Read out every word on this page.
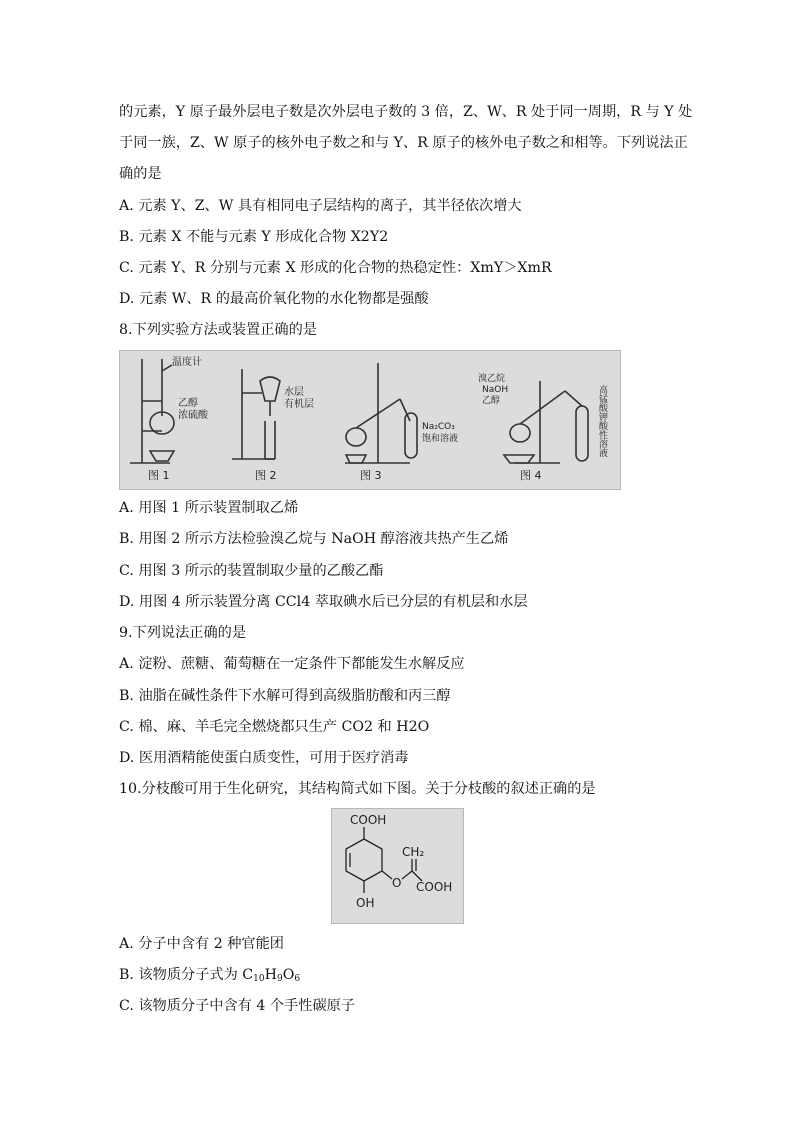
的元素，Y 原子最外层电子数是次外层电子数的 3 倍，Z、W、R 处于同一周期，R 与 Y 处
于同一族，Z、W 原子的核外电子数之和与 Y、R 原子的核外电子数之和相等。下列说法正
确的是
A. 元素 Y、Z、W 具有相同电子层结构的离子，其半径依次增大
B. 元素 X 不能与元素 Y 形成化合物 X2Y2
C. 元素 Y、R 分别与元素 X 形成的化合物的热稳定性：XmY＞XmR
D. 元素 W、R 的最高价氧化物的水化物都是强酸
8.下列实验方法或装置正确的是
温度计
乙醇
浓硫酸
水层
有机层
Na₂CO₃
饱和溶液
溴乙烷
NaOH
乙醇	高锰酸钾酸性溶液
图 1	图 2	图 3	图 4
A. 用图 1 所示装置制取乙烯
B. 用图 2 所示方法检验溴乙烷与 NaOH 醇溶液共热产生乙烯
C. 用图 3 所示的装置制取少量的乙酸乙酯
D. 用图 4 所示装置分离 CCl4 萃取碘水后已分层的有机层和水层
9.下列说法正确的是
A. 淀粉、蔗糖、葡萄糖在一定条件下都能发生水解反应
B. 油脂在碱性条件下水解可得到高级脂肪酸和丙三醇
C. 棉、麻、羊毛完全燃烧都只生产 CO2 和 H2O
D. 医用酒精能使蛋白质变性，可用于医疗消毒
10.分枝酸可用于生化研究，其结构简式如下图。关于分枝酸的叙述正确的是
COOH
CH₂
O COOH
OH
A. 分子中含有 2 种官能团
B. 该物质分子式为 $C_{10}H_9O_6$
C. 该物质分子中含有 4 个手性碳原子
